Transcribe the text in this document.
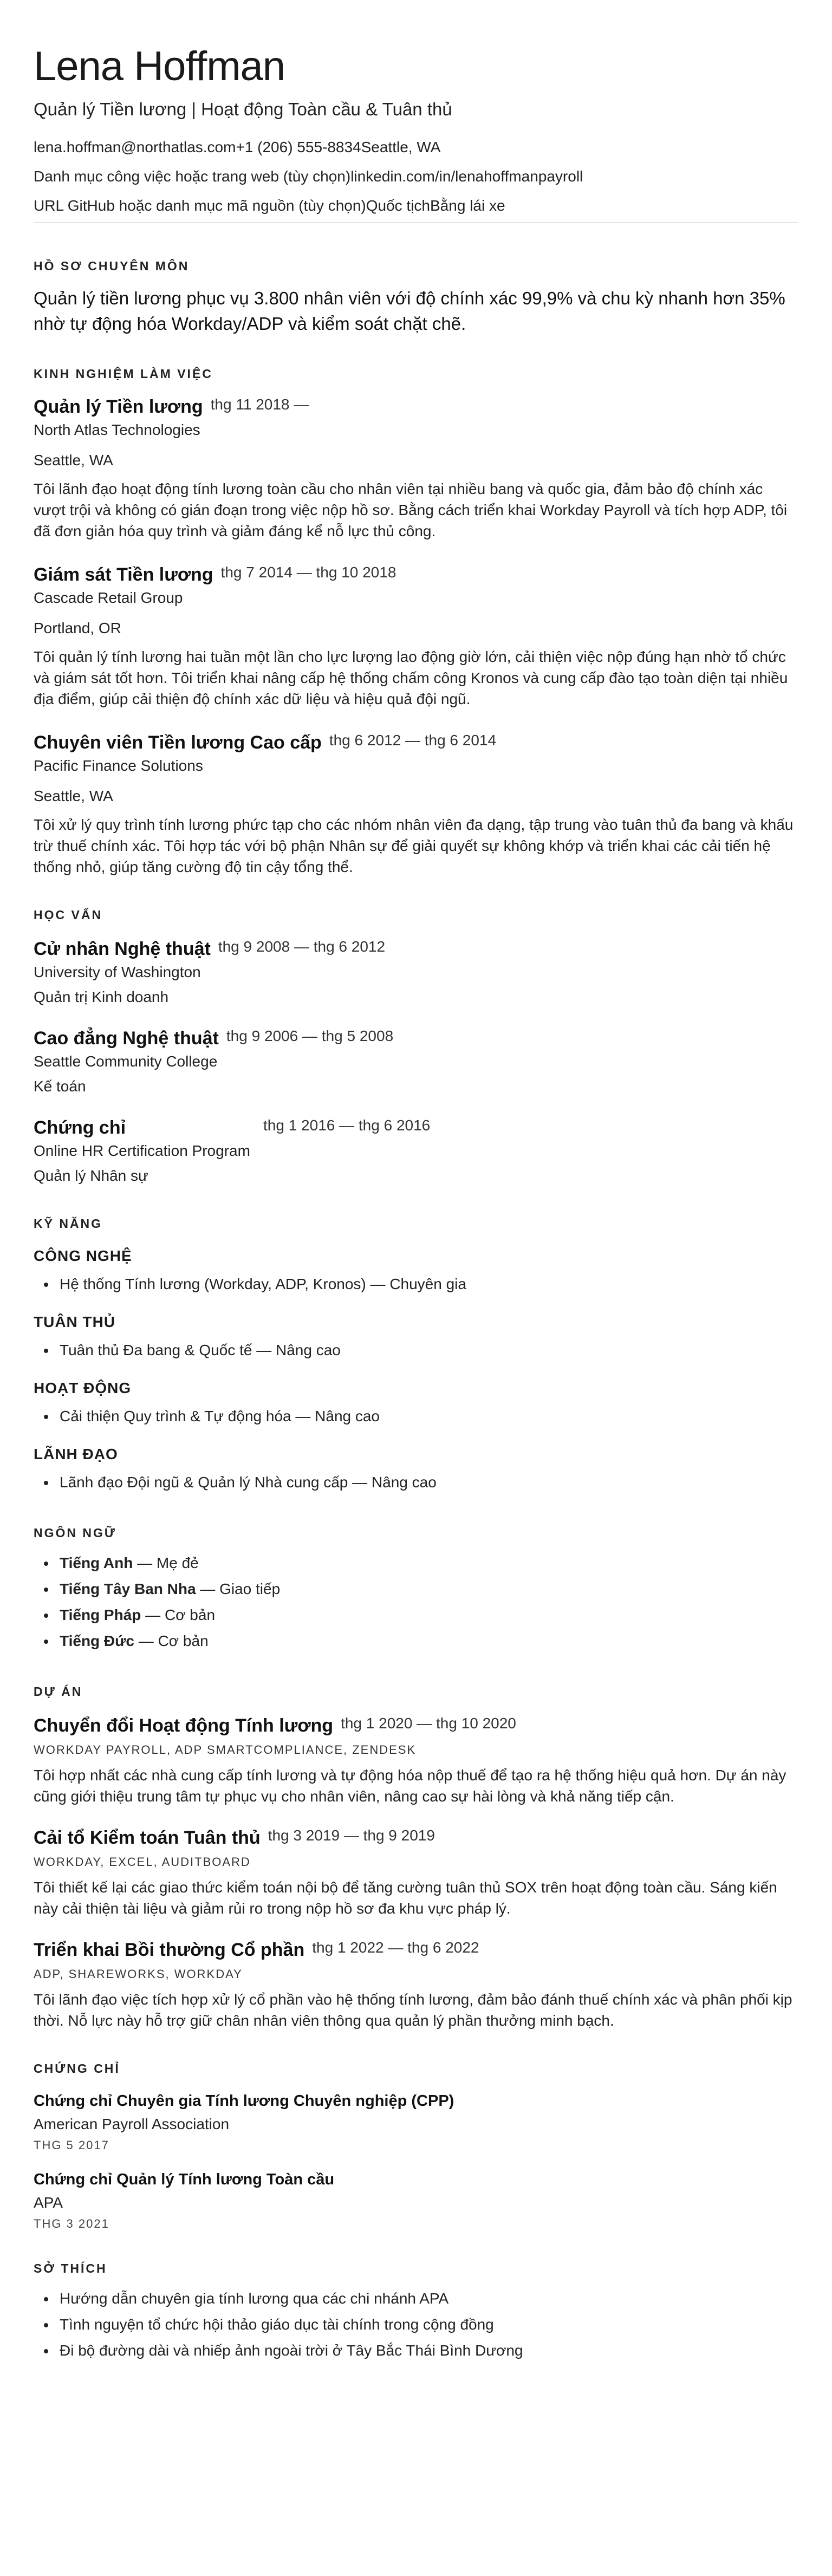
Lena Hoffman
Quản lý Tiền lương | Hoạt động Toàn cầu & Tuân thủ
lena.hoffman@northatlas.com+1 (206) 555-8834Seattle, WA
Danh mục công việc hoặc trang web (tùy chọn)linkedin.com/in/lenahoffmanpayroll
URL GitHub hoặc danh mục mã nguồn (tùy chọn)Quốc tịchBằng lái xe
HỒ SƠ CHUYÊN MÔN
Quản lý tiền lương phục vụ 3.800 nhân viên với độ chính xác 99,9% và chu kỳ nhanh hơn 35% nhờ tự động hóa Workday/ADP và kiểm soát chặt chẽ.
KINH NGHIỆM LÀM VIỆC
Quản lý Tiền lương thg 11 2018 —
North Atlas Technologies
Seattle, WA
Tôi lãnh đạo hoạt động tính lương toàn cầu cho nhân viên tại nhiều bang và quốc gia, đảm bảo độ chính xác vượt trội và không có gián đoạn trong việc nộp hồ sơ. Bằng cách triển khai Workday Payroll và tích hợp ADP, tôi đã đơn giản hóa quy trình và giảm đáng kể nỗ lực thủ công.
Giám sát Tiền lương thg 7 2014 — thg 10 2018
Cascade Retail Group
Portland, OR
Tôi quản lý tính lương hai tuần một lần cho lực lượng lao động giờ lớn, cải thiện việc nộp đúng hạn nhờ tổ chức và giám sát tốt hơn. Tôi triển khai nâng cấp hệ thống chấm công Kronos và cung cấp đào tạo toàn diện tại nhiều địa điểm, giúp cải thiện độ chính xác dữ liệu và hiệu quả đội ngũ.
Chuyên viên Tiền lương Cao cấp thg 6 2012 — thg 6 2014
Pacific Finance Solutions
Seattle, WA
Tôi xử lý quy trình tính lương phức tạp cho các nhóm nhân viên đa dạng, tập trung vào tuân thủ đa bang và khấu trừ thuế chính xác. Tôi hợp tác với bộ phận Nhân sự để giải quyết sự không khớp và triển khai các cải tiến hệ thống nhỏ, giúp tăng cường độ tin cậy tổng thể.
HỌC VẤN
Cử nhân Nghệ thuật thg 9 2008 — thg 6 2012
University of Washington
Quản trị Kinh doanh
Cao đẳng Nghệ thuật thg 9 2006 — thg 5 2008
Seattle Community College
Kế toán
Chứng chỉ	thg 1 2016 — thg 6 2016
Online HR Certification Program
Quản lý Nhân sự
KỸ NĂNG
CÔNG NGHỆ
• Hệ thống Tính lương (Workday, ADP, Kronos) — Chuyên gia
TUÂN THỦ
• Tuân thủ Đa bang & Quốc tế — Nâng cao
HOẠT ĐỘNG
• Cải thiện Quy trình & Tự động hóa — Nâng cao
LÃNH ĐẠO
• Lãnh đạo Đội ngũ & Quản lý Nhà cung cấp — Nâng cao
NGÔN NGỮ
• Tiếng Anh — Mẹ đẻ
• Tiếng Tây Ban Nha — Giao tiếp
• Tiếng Pháp — Cơ bản
• Tiếng Đức — Cơ bản
DỰ ÁN
Chuyển đổi Hoạt động Tính lương thg 1 2020 — thg 10 2020
WORKDAY PAYROLL, ADP SMARTCOMPLIANCE, ZENDESK
Tôi hợp nhất các nhà cung cấp tính lương và tự động hóa nộp thuế để tạo ra hệ thống hiệu quả hơn. Dự án này cũng giới thiệu trung tâm tự phục vụ cho nhân viên, nâng cao sự hài lòng và khả năng tiếp cận.
Cải tổ Kiểm toán Tuân thủ thg 3 2019 — thg 9 2019
WORKDAY, EXCEL, AUDITBOARD
Tôi thiết kế lại các giao thức kiểm toán nội bộ để tăng cường tuân thủ SOX trên hoạt động toàn cầu. Sáng kiến này cải thiện tài liệu và giảm rủi ro trong nộp hồ sơ đa khu vực pháp lý.
Triển khai Bồi thường Cổ phần thg 1 2022 — thg 6 2022
ADP, SHAREWORKS, WORKDAY
Tôi lãnh đạo việc tích hợp xử lý cổ phần vào hệ thống tính lương, đảm bảo đánh thuế chính xác và phân phối kịp thời. Nỗ lực này hỗ trợ giữ chân nhân viên thông qua quản lý phần thưởng minh bạch.
CHỨNG CHỈ
Chứng chỉ Chuyên gia Tính lương Chuyên nghiệp (CPP)
American Payroll Association
THG 5 2017
Chứng chỉ Quản lý Tính lương Toàn cầu
APA
THG 3 2021
SỞ THÍCH
• Hướng dẫn chuyên gia tính lương qua các chi nhánh APA
• Tình nguyện tổ chức hội thảo giáo dục tài chính trong cộng đồng
• Đi bộ đường dài và nhiếp ảnh ngoài trời ở Tây Bắc Thái Bình Dương
